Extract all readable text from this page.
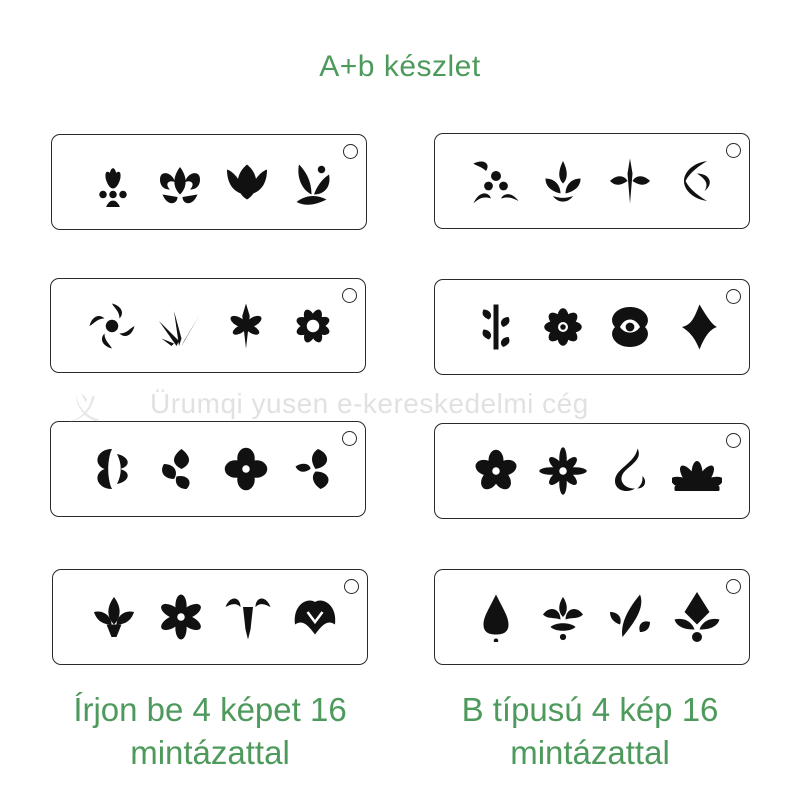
A+b készlet
义 Ürumqi yusen e-kereskedelmi cég
Írjon be 4 képet 16
mintázattal
B típusú 4 kép 16
mintázattal
